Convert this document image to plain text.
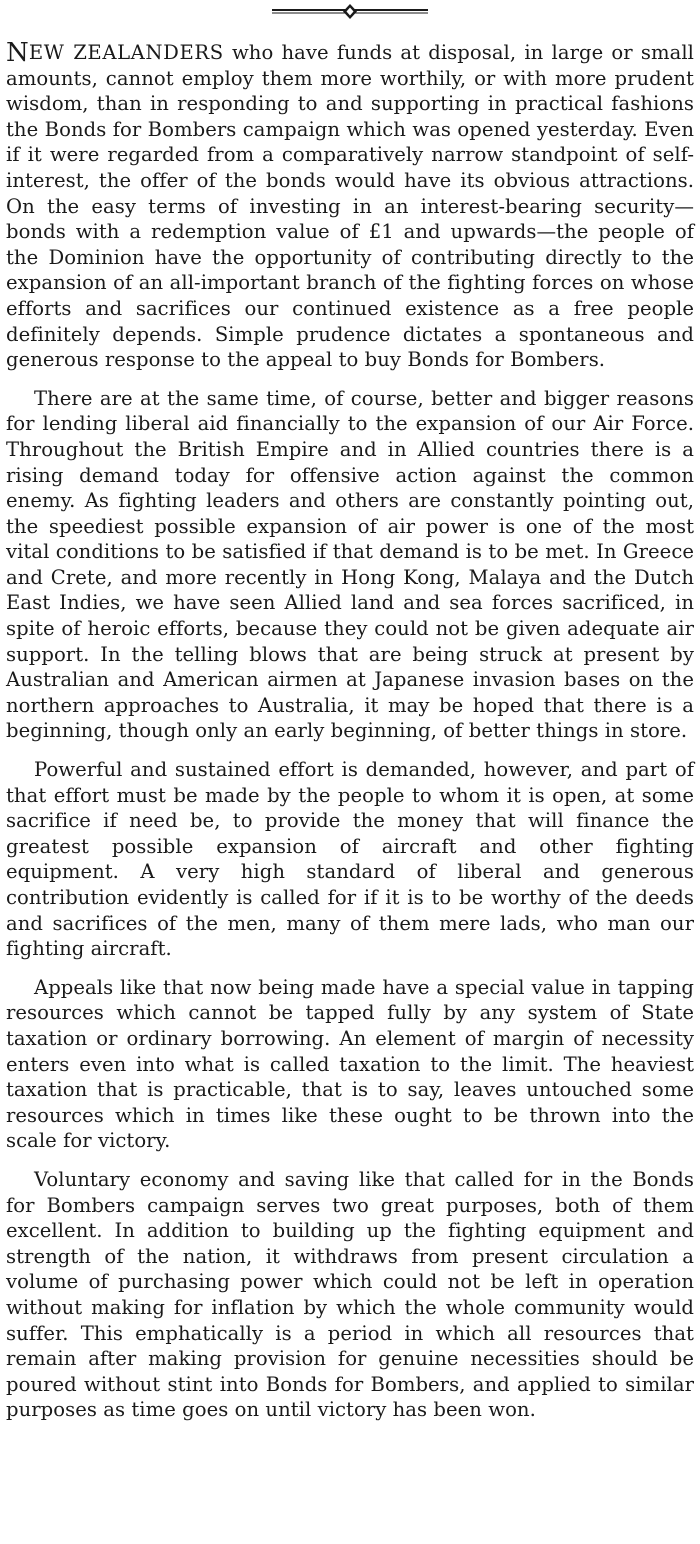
NEW ZEALANDERS who have funds at disposal, in large or small amounts, cannot employ them more worthily, or with more prudent wisdom, than in responding to and supporting in practical fashions the Bonds for Bombers campaign which was opened yesterday. Even if it were regarded from a comparatively narrow standpoint of self-interest, the offer of the bonds would have its obvious attractions. On the easy terms of investing in an interest-bearing security—bonds with a redemption value of £1 and upwards—the people of the Dominion have the opportunity of contributing directly to the expansion of an all-important branch of the fighting forces on whose efforts and sacrifices our continued existence as a free people definitely depends. Simple prudence dictates a spontaneous and generous response to the appeal to buy Bonds for Bombers.

There are at the same time, of course, better and bigger reasons for lending liberal aid financially to the expansion of our Air Force. Throughout the British Empire and in Allied countries there is a rising demand today for offensive action against the common enemy. As fighting leaders and others are constantly pointing out, the speediest possible expansion of air power is one of the most vital conditions to be satisfied if that demand is to be met. In Greece and Crete, and more recently in Hong Kong, Malaya and the Dutch East Indies, we have seen Allied land and sea forces sacrificed, in spite of heroic efforts, because they could not be given adequate air support. In the telling blows that are being struck at present by Australian and American airmen at Japanese invasion bases on the northern approaches to Australia, it may be hoped that there is a beginning, though only an early beginning, of better things in store.

Powerful and sustained effort is demanded, however, and part of that effort must be made by the people to whom it is open, at some sacrifice if need be, to provide the money that will finance the greatest possible expansion of aircraft and other fighting equipment. A very high standard of liberal and generous contribution evidently is called for if it is to be worthy of the deeds and sacrifices of the men, many of them mere lads, who man our fighting aircraft.

Appeals like that now being made have a special value in tapping resources which cannot be tapped fully by any system of State taxation or ordinary borrowing. An element of margin of necessity enters even into what is called taxation to the limit. The heaviest taxation that is practicable, that is to say, leaves untouched some resources which in times like these ought to be thrown into the scale for victory.

Voluntary economy and saving like that called for in the Bonds for Bombers campaign serves two great purposes, both of them excellent. In addition to building up the fighting equipment and strength of the nation, it withdraws from present circulation a volume of purchasing power which could not be left in operation without making for inflation by which the whole community would suffer. This emphatically is a period in which all resources that remain after making provision for genuine necessities should be poured without stint into Bonds for Bombers, and applied to similar purposes as time goes on until victory has been won.
